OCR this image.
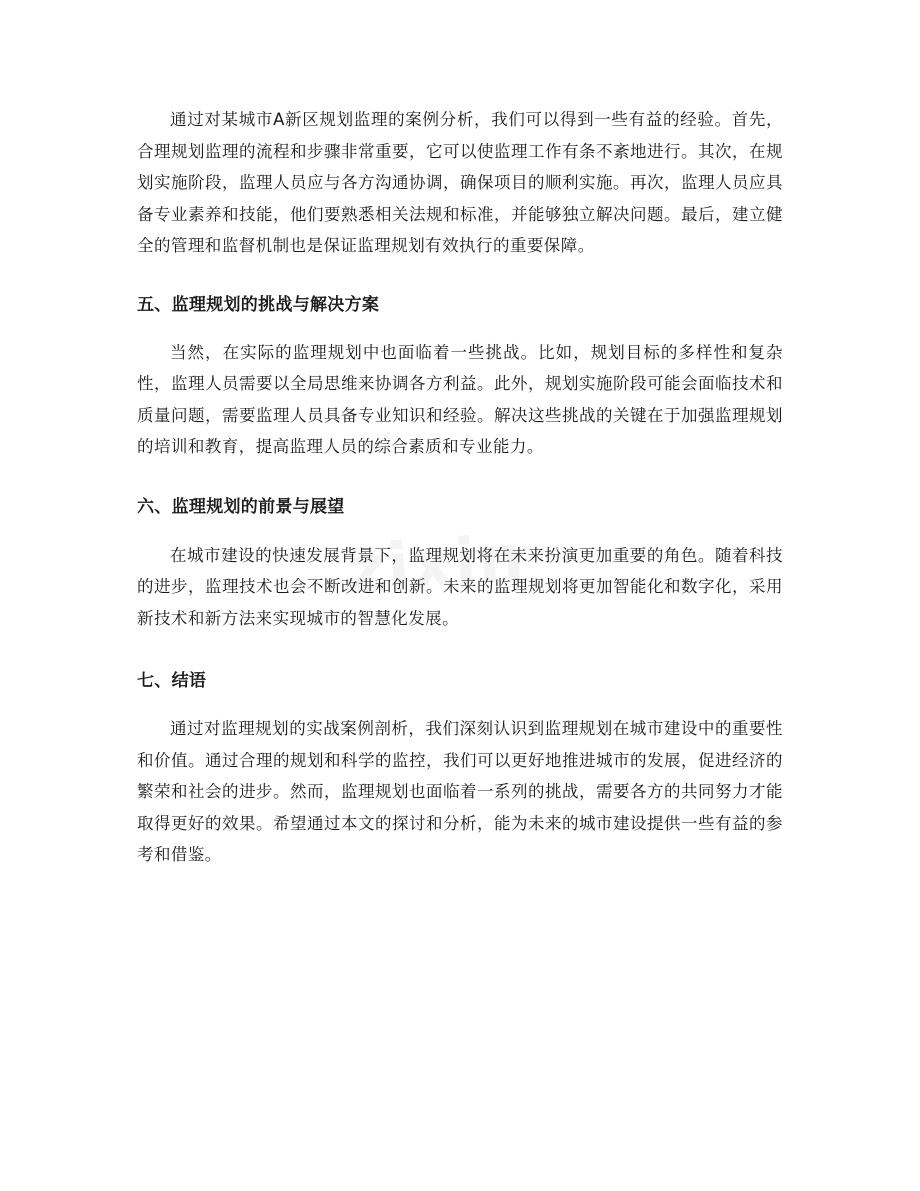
通过对某城市A新区规划监理的案例分析，我们可以得到一些有益的经验。首先，合理规划监理的流程和步骤非常重要，它可以使监理工作有条不紊地进行。其次，在规划实施阶段，监理人员应与各方沟通协调，确保项目的顺利实施。再次，监理人员应具备专业素养和技能，他们要熟悉相关法规和标准，并能够独立解决问题。最后，建立健全的管理和监督机制也是保证监理规划有效执行的重要保障。

五、监理规划的挑战与解决方案

当然，在实际的监理规划中也面临着一些挑战。比如，规划目标的多样性和复杂性，监理人员需要以全局思维来协调各方利益。此外，规划实施阶段可能会面临技术和质量问题，需要监理人员具备专业知识和经验。解决这些挑战的关键在于加强监理规划的培训和教育，提高监理人员的综合素质和专业能力。

六、监理规划的前景与展望

在城市建设的快速发展背景下，监理规划将在未来扮演更加重要的角色。随着科技的进步，监理技术也会不断改进和创新。未来的监理规划将更加智能化和数字化，采用新技术和新方法来实现城市的智慧化发展。

七、结语

通过对监理规划的实战案例剖析，我们深刻认识到监理规划在城市建设中的重要性和价值。通过合理的规划和科学的监控，我们可以更好地推进城市的发展，促进经济的繁荣和社会的进步。然而，监理规划也面临着一系列的挑战，需要各方的共同努力才能取得更好的效果。希望通过本文的探讨和分析，能为未来的城市建设提供一些有益的参考和借鉴。
